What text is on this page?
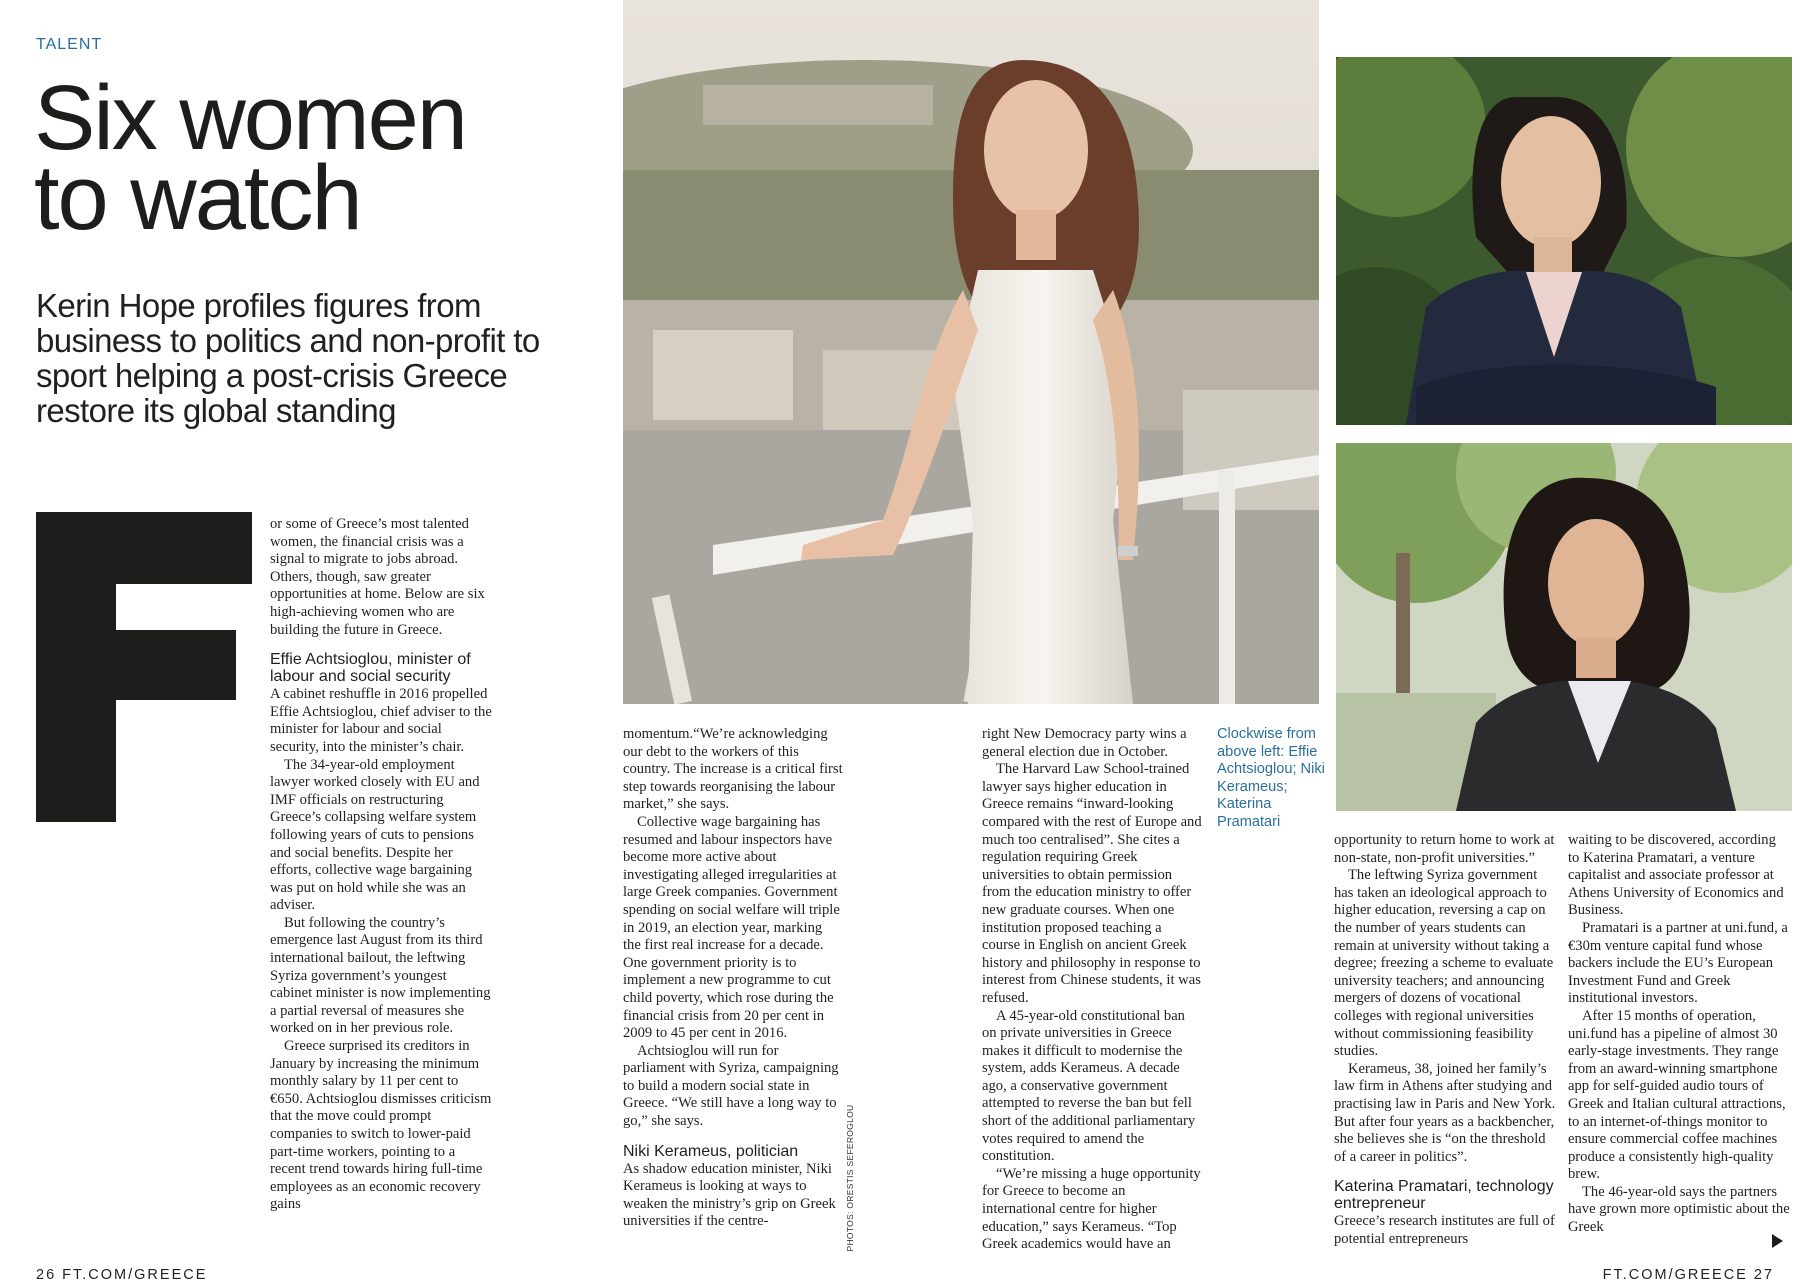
TALENT
Six women
to watch
Kerin Hope profiles figures from business to politics and non-profit to sport helping a post-crisis Greece restore its global standing

or some of Greece’s most talented women, the financial crisis was a signal to migrate to jobs abroad. Others, though, saw greater opportunities at home. Below are six high-achieving women who are building the future in Greece.

Effie Achtsioglou, minister of labour and social security

A cabinet reshuffle in 2016 propelled Effie Achtsioglou, chief adviser to the minister for labour and social security, into the minister’s chair.

The 34-year-old employment lawyer worked closely with EU and IMF officials on restructuring Greece’s collapsing welfare system following years of cuts to pensions and social benefits. Despite her efforts, collective wage bargaining was put on hold while she was an adviser.

But following the country’s emergence last August from its third international bailout, the leftwing Syriza government’s youngest cabinet minister is now implementing a partial reversal of measures she worked on in her previous role.

Greece surprised its creditors in January by increasing the minimum monthly salary by 11 per cent to €650. Achtsioglou dismisses criticism that the move could prompt companies to switch to lower-paid part-time workers, pointing to a recent trend towards hiring full-time employees as an economic recovery gains

Clockwise from above left: Effie Achtsioglou; Niki Kerameus; Katerina Pramatari
PHOTOS: ORESTIS SEFEROGLOU

momentum.“We’re acknowledging our debt to the workers of this country. The increase is a critical first step towards reorganising the labour market,” she says.

Collective wage bargaining has resumed and labour inspectors have become more active about investigating alleged irregularities at large Greek companies. Government spending on social welfare will triple in 2019, an election year, marking the first real increase for a decade. One government priority is to implement a new programme to cut child poverty, which rose during the financial crisis from 20 per cent in 2009 to 45 per cent in 2016.

Achtsioglou will run for parliament with Syriza, campaigning to build a modern social state in Greece. “We still have a long way to go,” she says.

Niki Kerameus, politician

As shadow education minister, Niki Kerameus is looking at ways to weaken the ministry’s grip on Greek universities if the centre-

right New Democracy party wins a general election due in October.

The Harvard Law School-trained lawyer says higher education in Greece remains “inward-looking compared with the rest of Europe and much too centralised”. She cites a regulation requiring Greek universities to obtain permission from the education ministry to offer new graduate courses. When one institution proposed teaching a course in English on ancient Greek history and philosophy in response to interest from Chinese students, it was refused.

A 45-year-old constitutional ban on private universities in Greece makes it difficult to modernise the system, adds Kerameus. A decade ago, a conservative government attempted to reverse the ban but fell short of the additional parliamentary votes required to amend the constitution.

“We’re missing a huge opportunity for Greece to become an international centre for higher education,” says Kerameus. “Top Greek academics would have an

opportunity to return home to work at non-state, non-profit universities.”

The leftwing Syriza government has taken an ideological approach to higher education, reversing a cap on the number of years students can remain at university without taking a degree; freezing a scheme to evaluate university teachers; and announcing mergers of dozens of vocational colleges with regional universities without commissioning feasibility studies.

Kerameus, 38, joined her family’s law firm in Athens after studying and practising law in Paris and New York. But after four years as a backbencher, she believes she is “on the threshold of a career in politics”.

Katerina Pramatari, technology entrepreneur

Greece’s research institutes are full of potential entrepreneurs

waiting to be discovered, according to Katerina Pramatari, a venture capitalist and associate professor at Athens University of Economics and Business.

Pramatari is a partner at uni.fund, a €30m venture capital fund whose backers include the EU’s European Investment Fund and Greek institutional investors.

After 15 months of operation, uni.fund has a pipeline of almost 30 early-stage investments. They range from an award-winning smartphone app for self-guided audio tours of Greek and Italian cultural attractions, to an internet-of-things monitor to ensure commercial coffee machines produce a consistently high-quality brew.

The 46-year-old says the partners have grown more optimistic about the Greek

26 FT.COM/GREECE	FT.COM/GREECE 27
